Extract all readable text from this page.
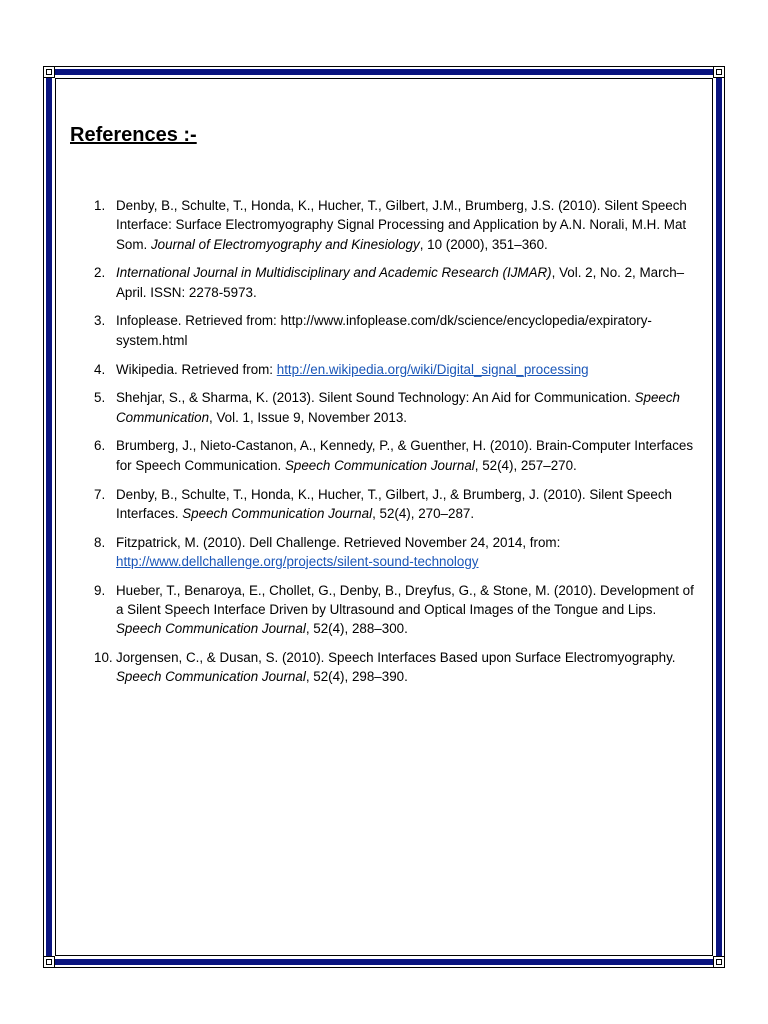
References :-
1. Denby, B., Schulte, T., Honda, K., Hucher, T., Gilbert, J.M., Brumberg, J.S. (2010). Silent Speech Interface: Surface Electromyography Signal Processing and Application by A.N. Norali, M.H. Mat Som. Journal of Electromyography and Kinesiology, 10 (2000), 351–360.
2. International Journal in Multidisciplinary and Academic Research (IJMAR), Vol. 2, No. 2, March–April. ISSN: 2278-5973.
3. Infoplease. Retrieved from: http://www.infoplease.com/dk/science/encyclopedia/expiratory-system.html
4. Wikipedia. Retrieved from: http://en.wikipedia.org/wiki/Digital_signal_processing
5. Shehjar, S., & Sharma, K. (2013). Silent Sound Technology: An Aid for Communication. Speech Communication, Vol. 1, Issue 9, November 2013.
6. Brumberg, J., Nieto-Castanon, A., Kennedy, P., & Guenther, H. (2010). Brain-Computer Interfaces for Speech Communication. Speech Communication Journal, 52(4), 257–270.
7. Denby, B., Schulte, T., Honda, K., Hucher, T., Gilbert, J., & Brumberg, J. (2010). Silent Speech Interfaces. Speech Communication Journal, 52(4), 270–287.
8. Fitzpatrick, M. (2010). Dell Challenge. Retrieved November 24, 2014, from: http://www.dellchallenge.org/projects/silent-sound-technology
9. Hueber, T., Benaroya, E., Chollet, G., Denby, B., Dreyfus, G., & Stone, M. (2010). Development of a Silent Speech Interface Driven by Ultrasound and Optical Images of the Tongue and Lips. Speech Communication Journal, 52(4), 288–300.
10. Jorgensen, C., & Dusan, S. (2010). Speech Interfaces Based upon Surface Electromyography. Speech Communication Journal, 52(4), 298–390.
